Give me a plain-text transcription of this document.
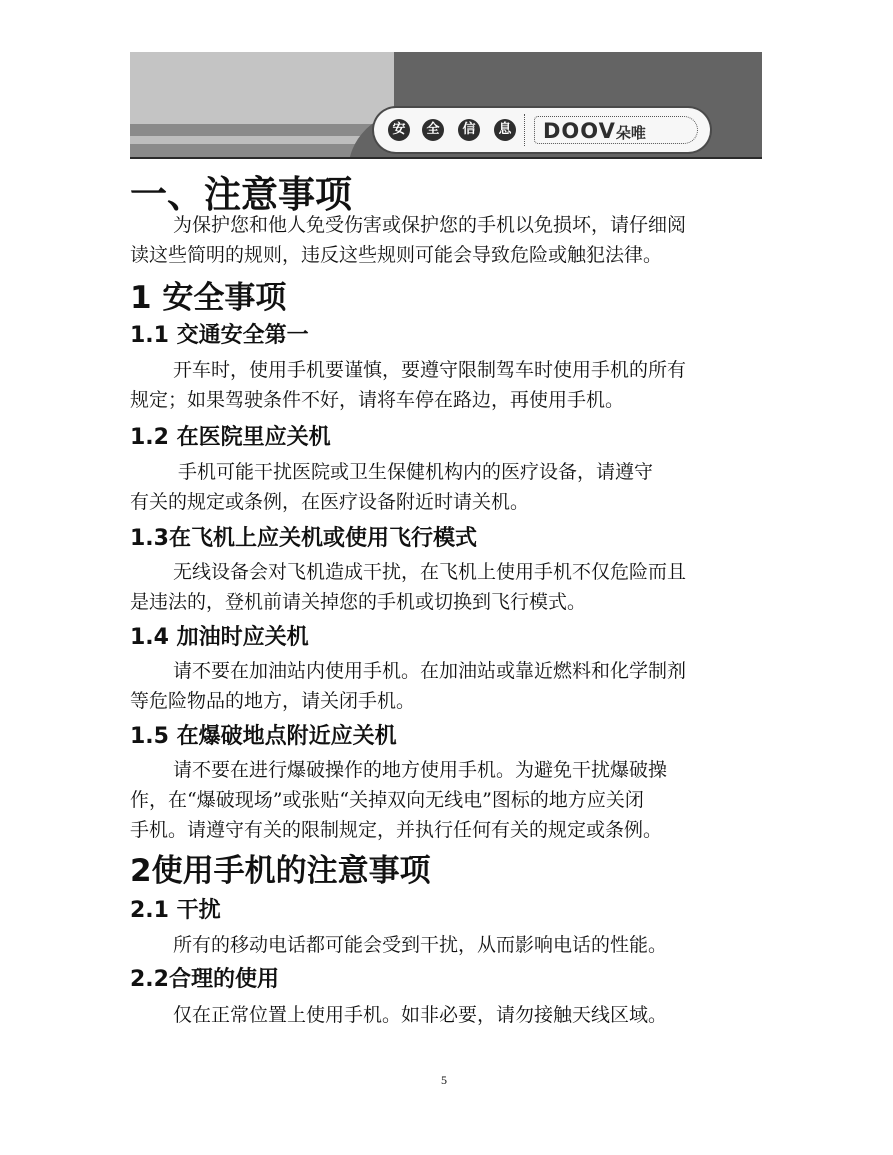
安	全	信	息	DOOV朵唯
一、注意事项

为保护您和他人免受伤害或保护您的手机以免损坏，请仔细阅

读这些简明的规则，违反这些规则可能会导致危险或触犯法律。

1 安全事项
1.1 交通安全第一

开车时，使用手机要谨慎，要遵守限制驾车时使用手机的所有

规定；如果驾驶条件不好，请将车停在路边，再使用手机。

1.2 在医院里应关机

手机可能干扰医院或卫生保健机构内的医疗设备，请遵守

有关的规定或条例，在医疗设备附近时请关机。

1.3在飞机上应关机或使用飞行模式

无线设备会对飞机造成干扰，在飞机上使用手机不仅危险而且

是违法的，登机前请关掉您的手机或切换到飞行模式。

1.4 加油时应关机

请不要在加油站内使用手机。在加油站或靠近燃料和化学制剂

等危险物品的地方，请关闭手机。

1.5 在爆破地点附近应关机

请不要在进行爆破操作的地方使用手机。为避免干扰爆破操

作，在“爆破现场”或张贴“关掉双向无线电”图标的地方应关闭

手机。请遵守有关的限制规定，并执行任何有关的规定或条例。

2使用手机的注意事项
2.1 干扰

所有的移动电话都可能会受到干扰，从而影响电话的性能。

2.2合理的使用

仅在正常位置上使用手机。如非必要，请勿接触天线区域。

5
